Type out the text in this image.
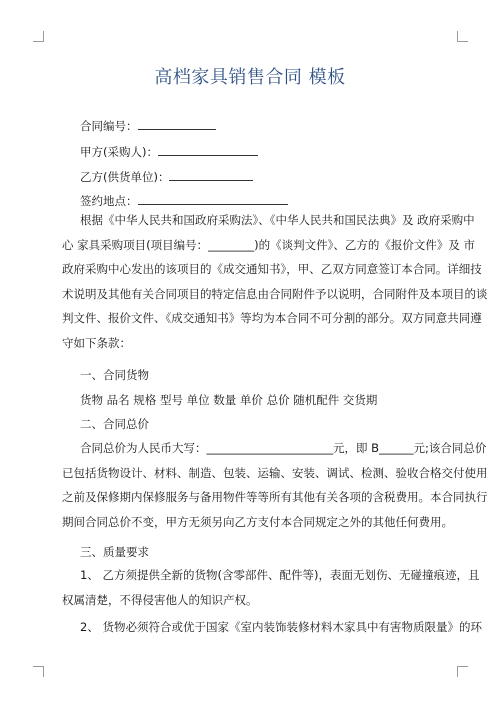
高档家具销售合同 模板
合同编号：
甲方(采购人)：
乙方(供货单位)：
签约地点：
根据《中华人民共和国政府采购法》、《中华人民共和国民法典》及 政府采购中
心 家具采购项目(项目编号：________)的《谈判文件》、乙方的《报价文件》及 市
政府采购中心发出的该项目的《成交通知书》，甲、乙双方同意签订本合同。详细技
术说明及其他有关合同项目的特定信息由合同附件予以说明，合同附件及本项目的谈
判文件、报价文件、《成交通知书》等均为本合同不可分割的部分。双方同意共同遵
守如下条款：
一、合同货物
货物 品名 规格 型号 单位 数量 单价 总价 随机配件 交货期
二、合同总价
合同总价为人民币大写：______________________元，即 B______元;该合同总价
已包括货物设计、材料、制造、包装、运输、安装、调试、检测、验收合格交付使用
之前及保修期内保修服务与备用物件等等所有其他有关各项的含税费用。本合同执行
期间合同总价不变，甲方无须另向乙方支付本合同规定之外的其他任何费用。
三、质量要求
1、 乙方须提供全新的货物(含零部件、配件等)，表面无划伤、无碰撞痕迹，且
权属清楚，不得侵害他人的知识产权。
2、 货物必须符合或优于国家《室内装饰装修材料木家具中有害物质限量》的环
